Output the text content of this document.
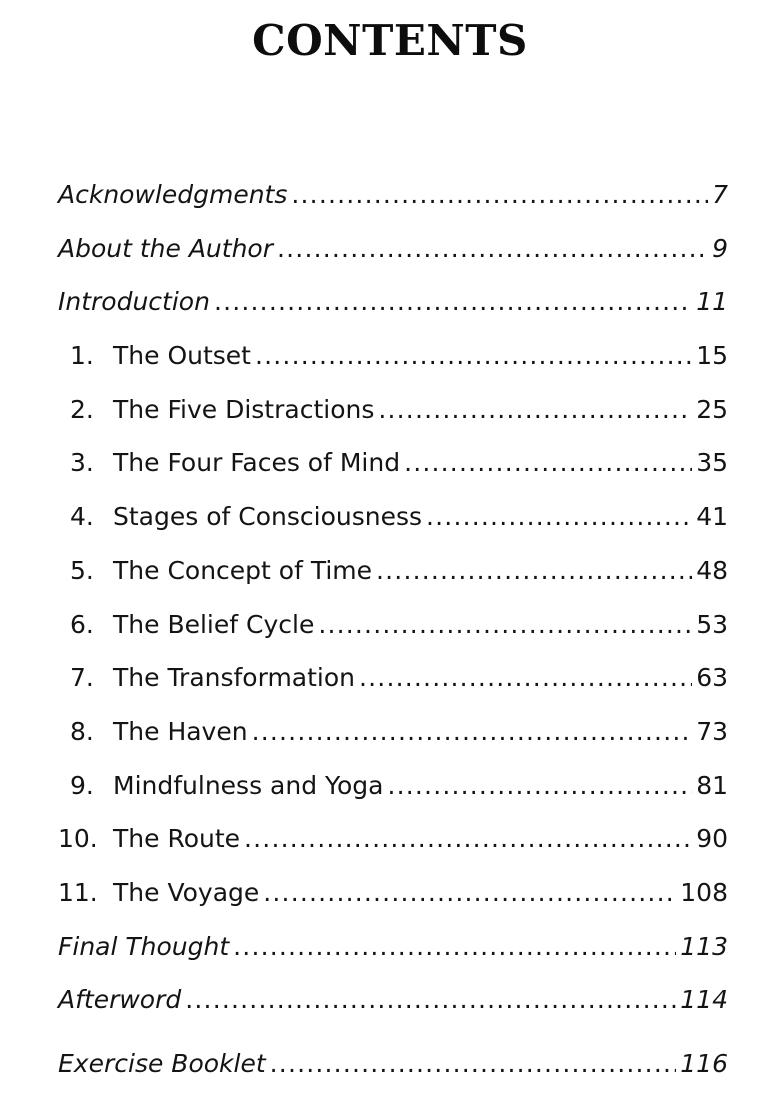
CONTENTS
Acknowledgments .....	7
About the Author .....	9
Introduction .....	11
1. The Outset .....	15
2. The Five Distractions .....	25
3. The Four Faces of Mind .....	35
4. Stages of Consciousness .....	41
5. The Concept of Time .....	48
6. The Belief Cycle .....	53
7. The Transformation .....	63
8. The Haven .....	73
9. Mindfulness and Yoga .....	81
10. The Route .....	90
11. The Voyage .....	108
Final Thought .....	113
Afterword .....	114
Exercise Booklet .....	116
